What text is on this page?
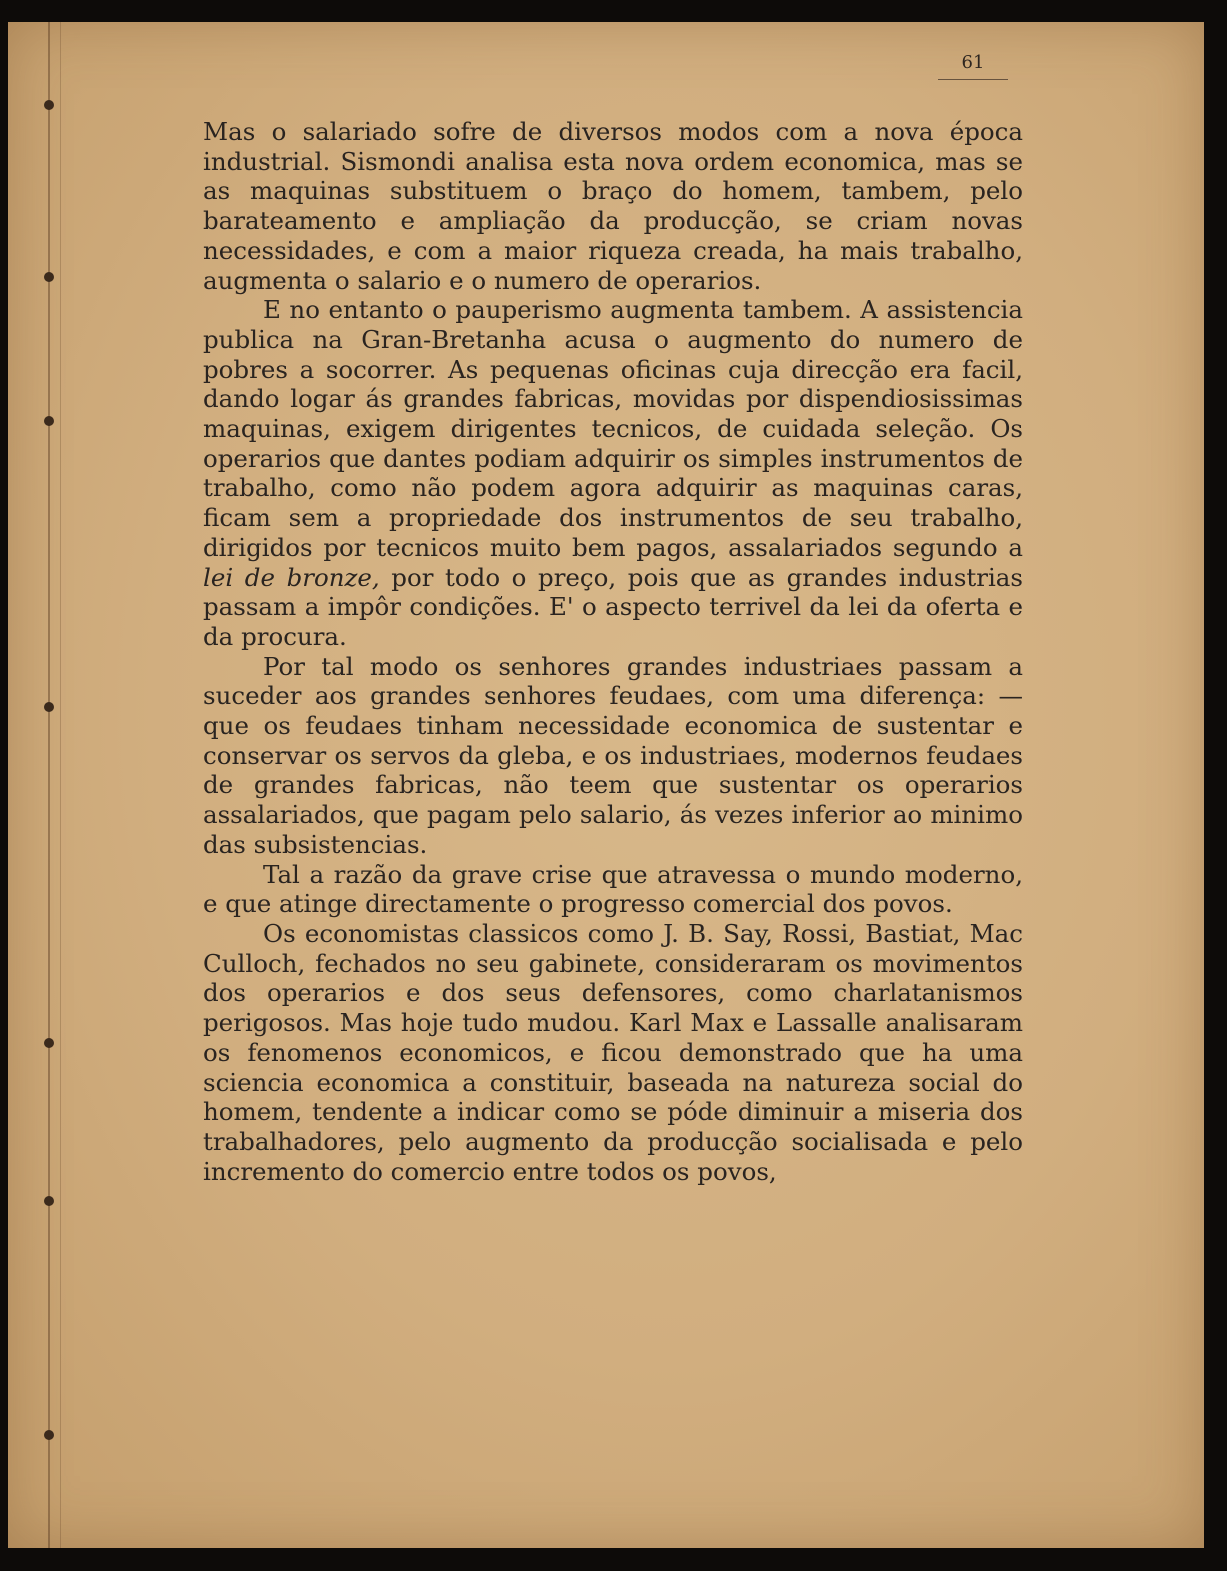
61

Mas o salariado sofre de diversos modos com a nova época industrial. Sismondi analisa esta nova ordem economica, mas se as maquinas substituem o braço do homem, tambem, pelo barateamento e ampliação da producção, se criam novas necessidades, e com a maior riqueza creada, ha mais trabalho, augmenta o salario e o numero de operarios.

E no entanto o pauperismo augmenta tambem. A assistencia publica na Gran-Bretanha acusa o augmento do numero de pobres a socorrer. As pequenas oficinas cuja direcção era facil, dando logar ás grandes fabricas, movidas por dispendiosissimas maquinas, exigem dirigentes tecnicos, de cuidada seleção. Os operarios que dantes podiam adquirir os simples instrumentos de trabalho, como não podem agora adquirir as maquinas caras, ficam sem a propriedade dos instrumentos de seu trabalho, dirigidos por tecnicos muito bem pagos, assalariados segundo a lei de bronze, por todo o preço, pois que as grandes industrias passam a impôr condições. E' o aspecto terrivel da lei da oferta e da procura.

Por tal modo os senhores grandes industriaes passam a suceder aos grandes senhores feudaes, com uma diferença: — que os feudaes tinham necessidade economica de sustentar e conservar os servos da gleba, e os industriaes, modernos feudaes de grandes fabricas, não teem que sustentar os operarios assalariados, que pagam pelo salario, ás vezes inferior ao minimo das subsistencias.

Tal a razão da grave crise que atravessa o mundo moderno, e que atinge directamente o progresso comercial dos povos.

Os economistas classicos como J. B. Say, Rossi, Bastiat, Mac Culloch, fechados no seu gabinete, consideraram os movimentos dos operarios e dos seus defensores, como charlatanismos perigosos. Mas hoje tudo mudou. Karl Max e Lassalle analisaram os fenomenos economicos, e ficou demonstrado que ha uma sciencia economica a constituir, baseada na natureza social do homem, tendente a indicar como se póde diminuir a miseria dos trabalhadores, pelo augmento da producção socialisada e pelo incremento do comercio entre todos os povos,
